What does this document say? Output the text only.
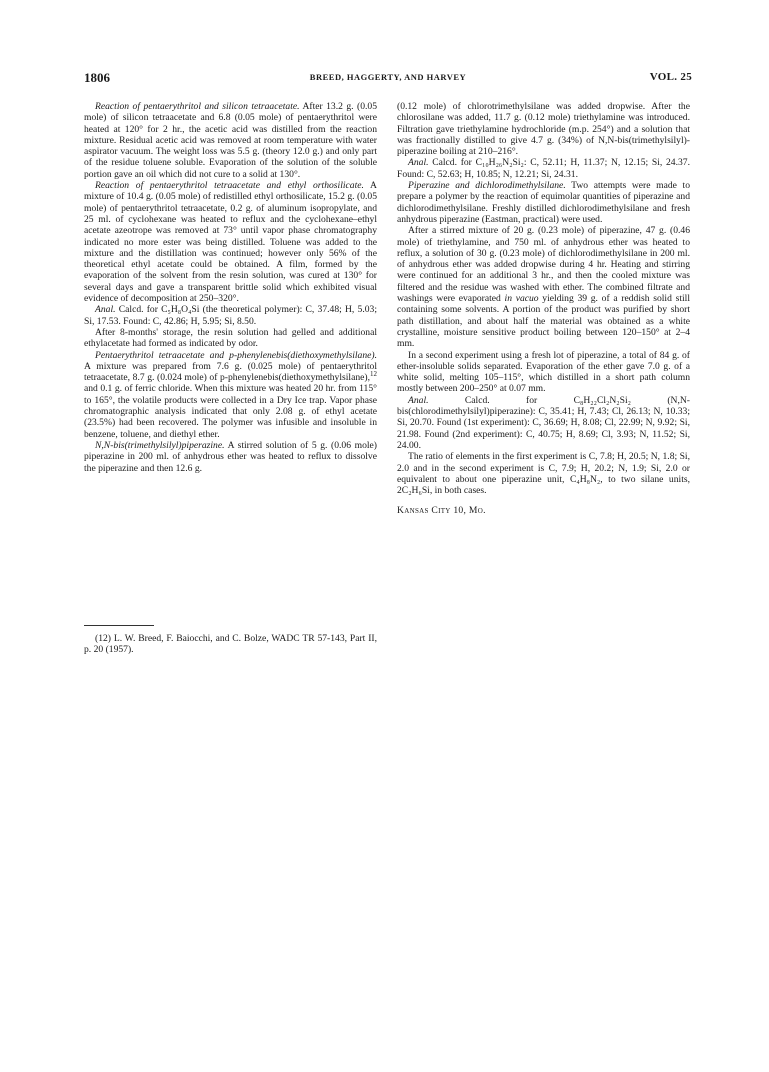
1806	BREED, HAGGERTY, AND HARVEY	VOL. 25

Reaction of pentaerythritol and silicon tetraacetate. After 13.2 g. (0.05 mole) of silicon tetraacetate and 6.8 (0.05 mole) of pentaerythritol were heated at 120° for 2 hr., the acetic acid was distilled from the reaction mixture. Residual acetic acid was removed at room temperature with water aspirator vacuum. The weight loss was 5.5 g. (theory 12.0 g.) and only part of the residue toluene soluble. Evaporation of the solution of the soluble portion gave an oil which did not cure to a solid at 130°.

Reaction of pentaerythritol tetraacetate and ethyl orthosilicate. A mixture of 10.4 g. (0.05 mole) of redistilled ethyl orthosilicate, 15.2 g. (0.05 mole) of pentaerythritol tetraacetate, 0.2 g. of aluminum isopropylate, and 25 ml. of cyclohexane was heated to reflux and the cyclohexane–ethyl acetate azeotrope was removed at 73° until vapor phase chromatography indicated no more ester was being distilled. Toluene was added to the mixture and the distillation was continued; however only 56% of the theoretical ethyl acetate could be obtained. A film, formed by the evaporation of the solvent from the resin solution, was cured at 130° for several days and gave a transparent brittle solid which exhibited visual evidence of decomposition at 250–320°.

Anal. Calcd. for C₅H₈O₄Si (the theoretical polymer): C, 37.48; H, 5.03; Si, 17.53. Found: C, 42.86; H, 5.95; Si, 8.50.

After 8-months' storage, the resin solution had gelled and additional ethylacetate had formed as indicated by odor.

Pentaerythritol tetraacetate and p-phenylenebis(diethoxymethylsilane). A mixture was prepared from 7.6 g. (0.025 mole) of pentaerythritol tetraacetate, 8.7 g. (0.024 mole) of p-phenylenebis(diethoxymethylsilane),$^{12}$ and 0.1 g. of ferric chloride. When this mixture was heated 20 hr. from 115° to 165°, the volatile products were collected in a Dry Ice trap. Vapor phase chromatographic analysis indicated that only 2.08 g. of ethyl acetate (23.5%) had been recovered. The polymer was infusible and insoluble in benzene, toluene, and diethyl ether.

N,N-bis(trimethylsilyl)piperazine. A stirred solution of 5 g. (0.06 mole) piperazine in 200 ml. of anhydrous ether was heated to reflux to dissolve the piperazine and then 12.6 g.

(12) L. W. Breed, F. Baiocchi, and C. Bolze, WADC TR 57-143, Part II, p. 20 (1957).

(0.12 mole) of chlorotrimethylsilane was added dropwise. After the chlorosilane was added, 11.7 g. (0.12 mole) triethylamine was introduced. Filtration gave triethylamine hydrochloride (m.p. 254°) and a solution that was fractionally distilled to give 4.7 g. (34%) of N,N-bis(trimethylsilyl)-piperazine boiling at 210–216°.

Anal. Calcd. for C₁₀H₂₆N₂Si₂: C, 52.11; H, 11.37; N, 12.15; Si, 24.37. Found: C, 52.63; H, 10.85; N, 12.21; Si, 24.31.

Piperazine and dichlorodimethylsilane. Two attempts were made to prepare a polymer by the reaction of equimolar quantities of piperazine and dichlorodimethylsilane. Freshly distilled dichlorodimethylsilane and fresh anhydrous piperazine (Eastman, practical) were used.

After a stirred mixture of 20 g. (0.23 mole) of piperazine, 47 g. (0.46 mole) of triethylamine, and 750 ml. of anhydrous ether was heated to reflux, a solution of 30 g. (0.23 mole) of dichlorodimethylsilane in 200 ml. of anhydrous ether was added dropwise during 4 hr. Heating and stirring were continued for an additional 3 hr., and then the cooled mixture was filtered and the residue was washed with ether. The combined filtrate and washings were evaporated in vacuo yielding 39 g. of a reddish solid still containing some solvents. A portion of the product was purified by short path distillation, and about half the material was obtained as a white crystalline, moisture sensitive product boiling between 120–150° at 2–4 mm.

In a second experiment using a fresh lot of piperazine, a total of 84 g. of ether-insoluble solids separated. Evaporation of the ether gave 7.0 g. of a white solid, melting 105–115°, which distilled in a short path column mostly between 200–250° at 0.07 mm.

Anal. Calcd. for C₈H₂₂Cl₂N₂Si₂ (N,N-bis(chlorodimethylsilyl)piperazine): C, 35.41; H, 7.43; Cl, 26.13; N, 10.33; Si, 20.70. Found (1st experiment): C, 36.69; H, 8.08; Cl, 22.99; N, 9.92; Si, 21.98. Found (2nd experiment): C, 40.75; H, 8.69; Cl, 3.93; N, 11.52; Si, 24.00.

The ratio of elements in the first experiment is C, 7.8; H, 20.5; N, 1.8; Si, 2.0 and in the second experiment is C, 7.9; H, 20.2; N, 1.9; Si, 2.0 or equivalent to about one piperazine unit, C₄H₈N₂, to two silane units, 2C₂H₆Si, in both cases.

Kansas City 10, Mo.
